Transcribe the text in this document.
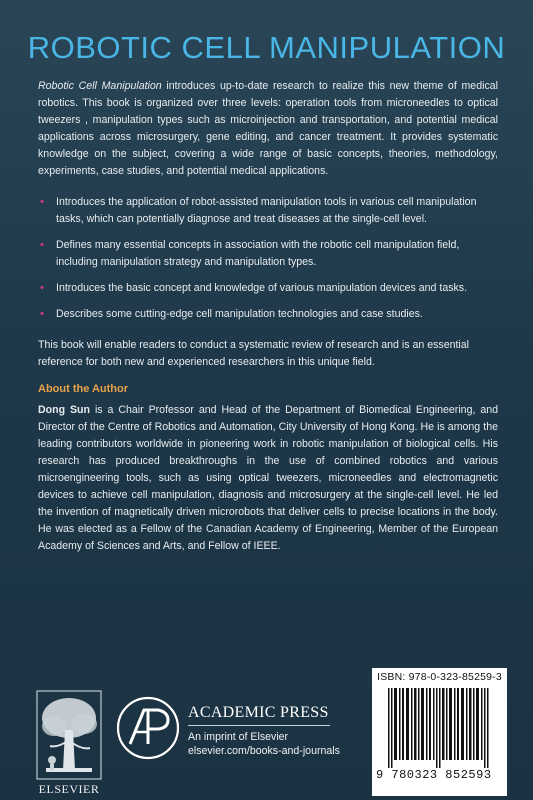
ROBOTIC CELL MANIPULATION

Robotic Cell Manipulation introduces up-to-date research to realize this new theme of medical robotics. This book is organized over three levels: operation tools from microneedles to optical tweezers , manipulation types such as microinjection and transportation, and potential medical applications across microsurgery, gene editing, and cancer treatment. It provides systematic knowledge on the subject, covering a wide range of basic concepts, theories, methodology, experiments, case studies, and potential medical applications.

• Introduces the application of robot-assisted manipulation tools in various cell manipulation tasks, which can potentially diagnose and treat diseases at the single-cell level.
• Defines many essential concepts in association with the robotic cell manipulation field, including manipulation strategy and manipulation types.
• Introduces the basic concept and knowledge of various manipulation devices and tasks.
• Describes some cutting-edge cell manipulation technologies and case studies.

This book will enable readers to conduct a systematic review of research and is an essential reference for both new and experienced researchers in this unique field.

About the Author

Dong Sun is a Chair Professor and Head of the Department of Biomedical Engineering, and Director of the Centre of Robotics and Automation, City University of Hong Kong. He is among the leading contributors worldwide in pioneering work in robotic manipulation of biological cells. His research has produced breakthroughs in the use of combined robotics and various microengineering tools, such as using optical tweezers, microneedles and electromagnetic devices to achieve cell manipulation, diagnosis and microsurgery at the single-cell level. He led the invention of magnetically driven microrobots that deliver cells to precise locations in the body. He was elected as a Fellow of the Canadian Academy of Engineering, Member of the European Academy of Sciences and Arts, and Fellow of IEEE.

ELSEVIER
ACADEMIC PRESS
An imprint of Elsevier
elsevier.com/books-and-journals
ISBN: 978-0-323-85259-3
9 780323 852593
